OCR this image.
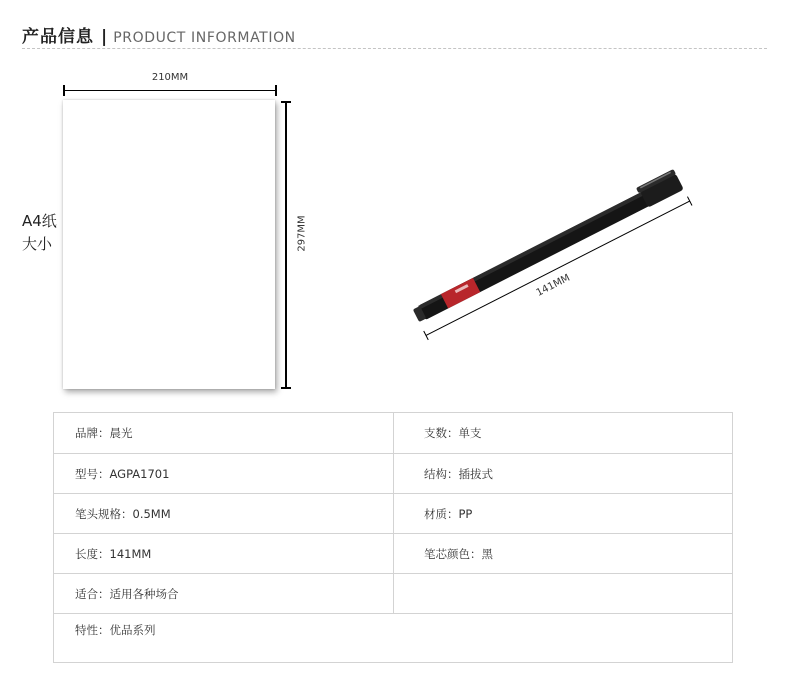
产品信息 | PRODUCT INFORMATION
A4纸
大小
210MM
297MM
141MM
品牌：晨光	支数：单支
型号：AGPA1701	结构：插拔式
笔头规格：0.5MM	材质：PP
长度：141MM	笔芯颜色：黑
适合：适用各种场合
特性：优品系列
